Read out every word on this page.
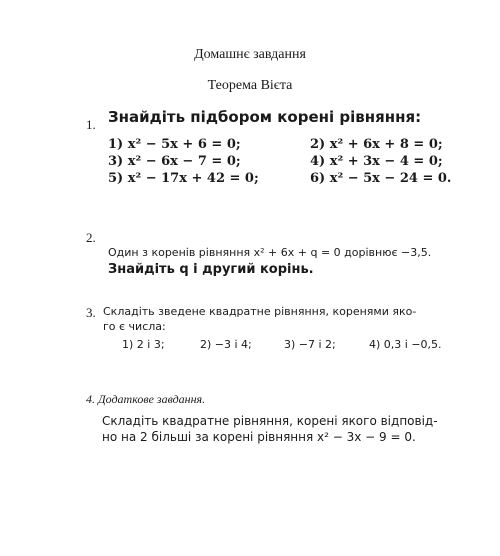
Домашнє завдання
Теорема Вієта
1. Знайдіть підбором корені рівняння:
1) x² − 5x + 6 = 0;	2) x² + 6x + 8 = 0;
3) x² − 6x − 7 = 0;	4) x² + 3x − 4 = 0;
5) x² − 17x + 42 = 0;	6) x² − 5x − 24 = 0.
2.
Один з коренів рівняння x² + 6x + q = 0 дорівнює −3,5.
Знайдіть q і другий корінь.
3. Складіть зведене квадратне рівняння, коренями яко-
го є числа:
1) 2 і 3;	2) −3 і 4;	3) −7 і 2;	4) 0,3 і −0,5.
4. Додаткове завдання.
Складіть квадратне рівняння, корені якого відповід-
но на 2 більші за корені рівняння x² − 3x − 9 = 0.
